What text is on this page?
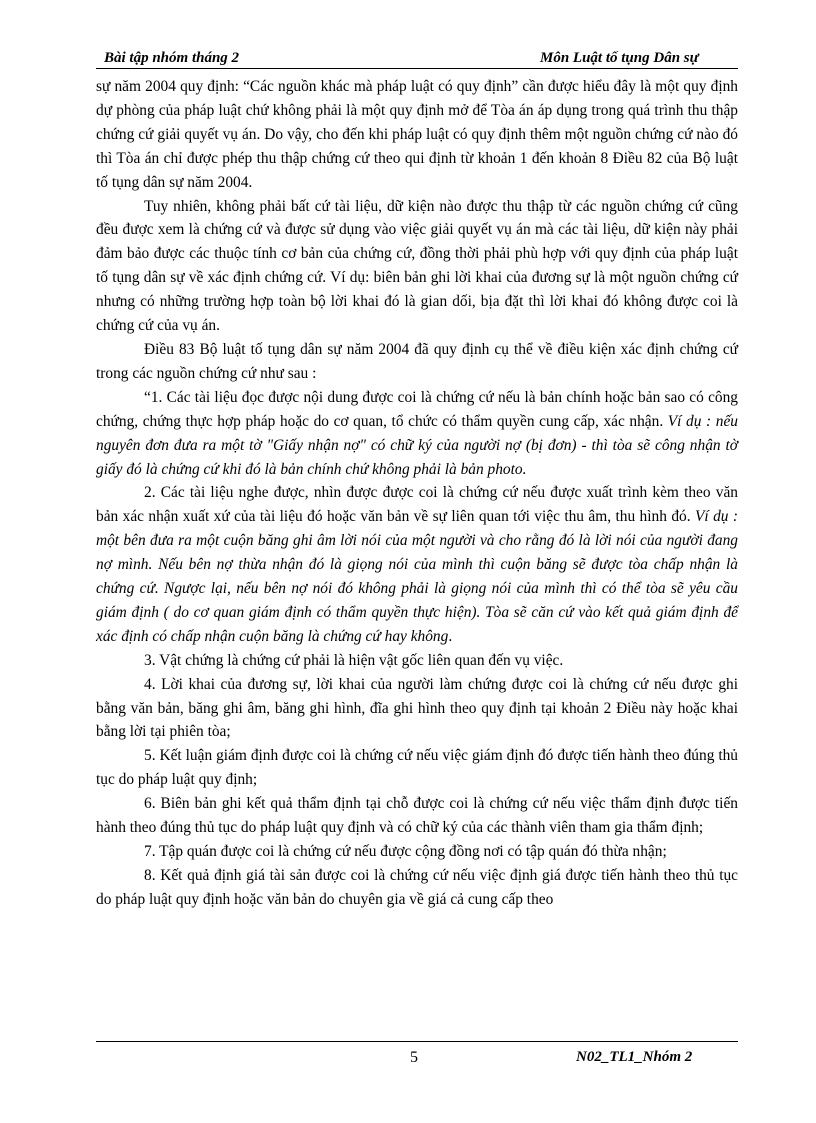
Bài tập nhóm tháng 2	Môn Luật tố tụng Dân sự

sự năm 2004 quy định: “Các nguồn khác mà pháp luật có quy định” cần được hiểu đây là một quy định dự phòng của pháp luật chứ không phải là một quy định mở để Tòa án áp dụng trong quá trình thu thập chứng cứ giải quyết vụ án. Do vậy, cho đến khi pháp luật có quy định thêm một nguồn chứng cứ nào đó thì Tòa án chỉ được phép thu thập chứng cứ theo qui định từ khoản 1 đến khoản 8 Điều 82 của Bộ luật tố tụng dân sự năm 2004.

Tuy nhiên, không phải bất cứ tài liệu, dữ kiện nào được thu thập từ các nguồn chứng cứ cũng đều được xem là chứng cứ và được sử dụng vào việc giải quyết vụ án mà các tài liệu, dữ kiện này phải đảm bảo được các thuộc tính cơ bản của chứng cứ, đồng thời phải phù hợp với quy định của pháp luật tố tụng dân sự về xác định chứng cứ. Ví dụ: biên bản ghi lời khai của đương sự là một nguồn chứng cứ nhưng có những trường hợp toàn bộ lời khai đó là gian dối, bịa đặt thì lời khai đó không được coi là chứng cứ của vụ án.

Điều 83 Bộ luật tố tụng dân sự năm 2004 đã quy định cụ thể về điều kiện xác định chứng cứ trong các nguồn chứng cứ như sau :

“1. Các tài liệu đọc được nội dung được coi là chứng cứ nếu là bản chính hoặc bản sao có công chứng, chứng thực hợp pháp hoặc do cơ quan, tổ chức có thẩm quyền cung cấp, xác nhận. Ví dụ : nếu nguyên đơn đưa ra một tờ "Giấy nhận nợ" có chữ ký của người nợ (bị đơn) - thì tòa sẽ công nhận tờ giấy đó là chứng cứ khi đó là bản chính chứ không phải là bản photo.

2. Các tài liệu nghe được, nhìn được được coi là chứng cứ nếu được xuất trình kèm theo văn bản xác nhận xuất xứ của tài liệu đó hoặc văn bản về sự liên quan tới việc thu âm, thu hình đó. Ví dụ : một bên đưa ra một cuộn băng ghi âm lời nói của một người và cho rằng đó là lời nói của người đang nợ mình. Nếu bên nợ thừa nhận đó là giọng nói của mình thì cuộn băng sẽ được tòa chấp nhận là chứng cứ. Ngược lại, nếu bên nợ nói đó không phải là giọng nói của mình thì có thể tòa sẽ yêu cầu giám định ( do cơ quan giám định có thẩm quyền thực hiện). Tòa sẽ căn cứ vào kết quả giám định để xác định có chấp nhận cuộn băng là chứng cứ hay không.

3. Vật chứng là chứng cứ phải là hiện vật gốc liên quan đến vụ việc.

4. Lời khai của đương sự, lời khai của người làm chứng được coi là chứng cứ nếu được ghi bằng văn bản, băng ghi âm, băng ghi hình, đĩa ghi hình theo quy định tại khoản 2 Điều này hoặc khai bằng lời tại phiên tòa;

5. Kết luận giám định được coi là chứng cứ nếu việc giám định đó được tiến hành theo đúng thủ tục do pháp luật quy định;

6. Biên bản ghi kết quả thẩm định tại chỗ được coi là chứng cứ nếu việc thẩm định được tiến hành theo đúng thủ tục do pháp luật quy định và có chữ ký của các thành viên tham gia thẩm định;

7. Tập quán được coi là chứng cứ nếu được cộng đồng nơi có tập quán đó thừa nhận;

8. Kết quả định giá tài sản được coi là chứng cứ nếu việc định giá được tiến hành theo thủ tục do pháp luật quy định hoặc văn bản do chuyên gia về giá cả cung cấp theo

5	N02_TL1_Nhóm 2
